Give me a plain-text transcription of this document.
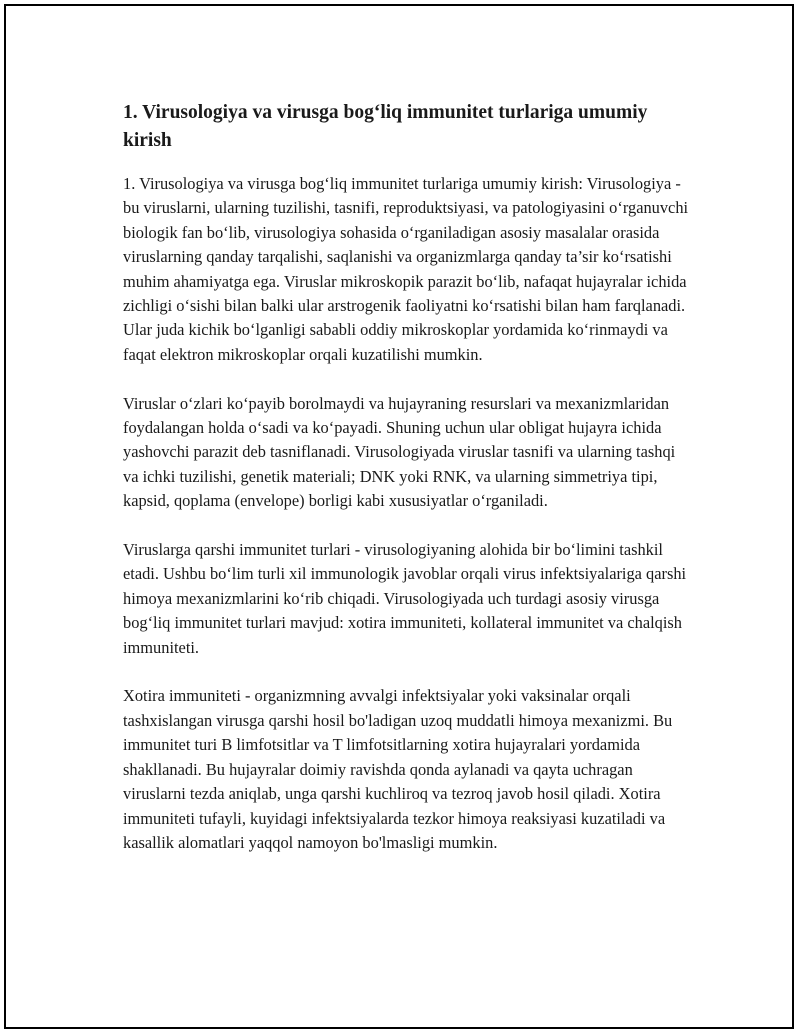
1. Virusologiya va virusga bog‘liq immunitet turlariga umumiy kirish

1. Virusologiya va virusga bog‘liq immunitet turlariga umumiy kirish: Virusologiya - bu viruslarni, ularning tuzilishi, tasnifi, reproduktsiyasi, va patologiyasini o‘rganuvchi biologik fan bo‘lib, virusologiya sohasida o‘rganiladigan asosiy masalalar orasida viruslarning qanday tarqalishi, saqlanishi va organizmlarga qanday ta’sir ko‘rsatishi muhim ahamiyatga ega. Viruslar mikroskopik parazit bo‘lib, nafaqat hujayralar ichida zichligi o‘sishi bilan balki ular arstrogenik faoliyatni ko‘rsatishi bilan ham farqlanadi. Ular juda kichik bo‘lganligi sababli oddiy mikroskoplar yordamida ko‘rinmaydi va faqat elektron mikroskoplar orqali kuzatilishi mumkin.

Viruslar o‘zlari ko‘payib borolmaydi va hujayraning resurslari va mexanizmlaridan foydalangan holda o‘sadi va ko‘payadi. Shuning uchun ular obligat hujayra ichida yashovchi parazit deb tasniflanadi. Virusologiyada viruslar tasnifi va ularning tashqi va ichki tuzilishi, genetik materiali; DNK yoki RNK, va ularning simmetriya tipi, kapsid, qoplama (envelope) borligi kabi xususiyatlar o‘rganiladi.

Viruslarga qarshi immunitet turlari - virusologiyaning alohida bir bo‘limini tashkil etadi. Ushbu bo‘lim turli xil immunologik javoblar orqali virus infektsiyalariga qarshi himoya mexanizmlarini ko‘rib chiqadi. Virusologiyada uch turdagi asosiy virusga bog‘liq immunitet turlari mavjud: xotira immuniteti, kollateral immunitet va chalqish immuniteti.

Xotira immuniteti - organizmning avvalgi infektsiyalar yoki vaksinalar orqali tashxislangan virusga qarshi hosil bo'ladigan uzoq muddatli himoya mexanizmi. Bu immunitet turi B limfotsitlar va T limfotsitlarning xotira hujayralari yordamida shakllanadi. Bu hujayralar doimiy ravishda qonda aylanadi va qayta uchragan viruslarni tezda aniqlab, unga qarshi kuchliroq va tezroq javob hosil qiladi. Xotira immuniteti tufayli, kuyidagi infektsiyalarda tezkor himoya reaksiyasi kuzatiladi va kasallik alomatlari yaqqol namoyon bo'lmasligi mumkin.
